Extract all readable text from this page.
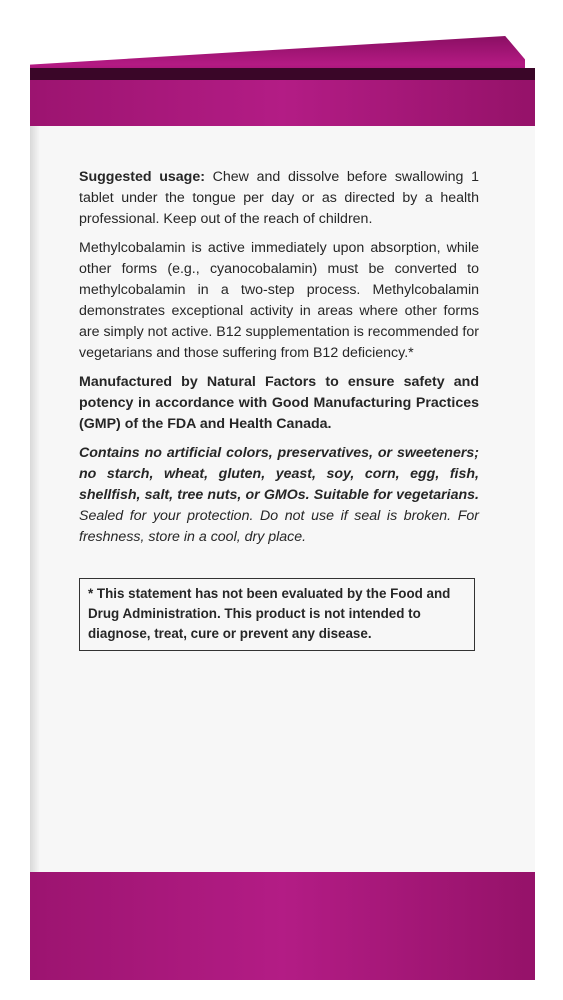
Suggested usage: Chew and dissolve before swallowing 1 tablet under the tongue per day or as directed by a health professional. Keep out of the reach of children.

Methylcobalamin is active immediately upon absorption, while other forms (e.g., cyanocobalamin) must be converted to methylcobalamin in a two-step process. Methylcobalamin demonstrates exceptional activity in areas where other forms are simply not active. B12 supplementation is recommended for vegetarians and those suffering from B12 deficiency.*

Manufactured by Natural Factors to ensure safety and potency in accordance with Good Manufacturing Practices (GMP) of the FDA and Health Canada.

Contains no artificial colors, preservatives, or sweeteners; no starch, wheat, gluten, yeast, soy, corn, egg, fish, shellfish, salt, tree nuts, or GMOs. Suitable for vegetarians. Sealed for your protection. Do not use if seal is broken. For freshness, store in a cool, dry place.

* This statement has not been evaluated by the Food and Drug Administration. This product is not intended to diagnose, treat, cure or prevent any disease.
